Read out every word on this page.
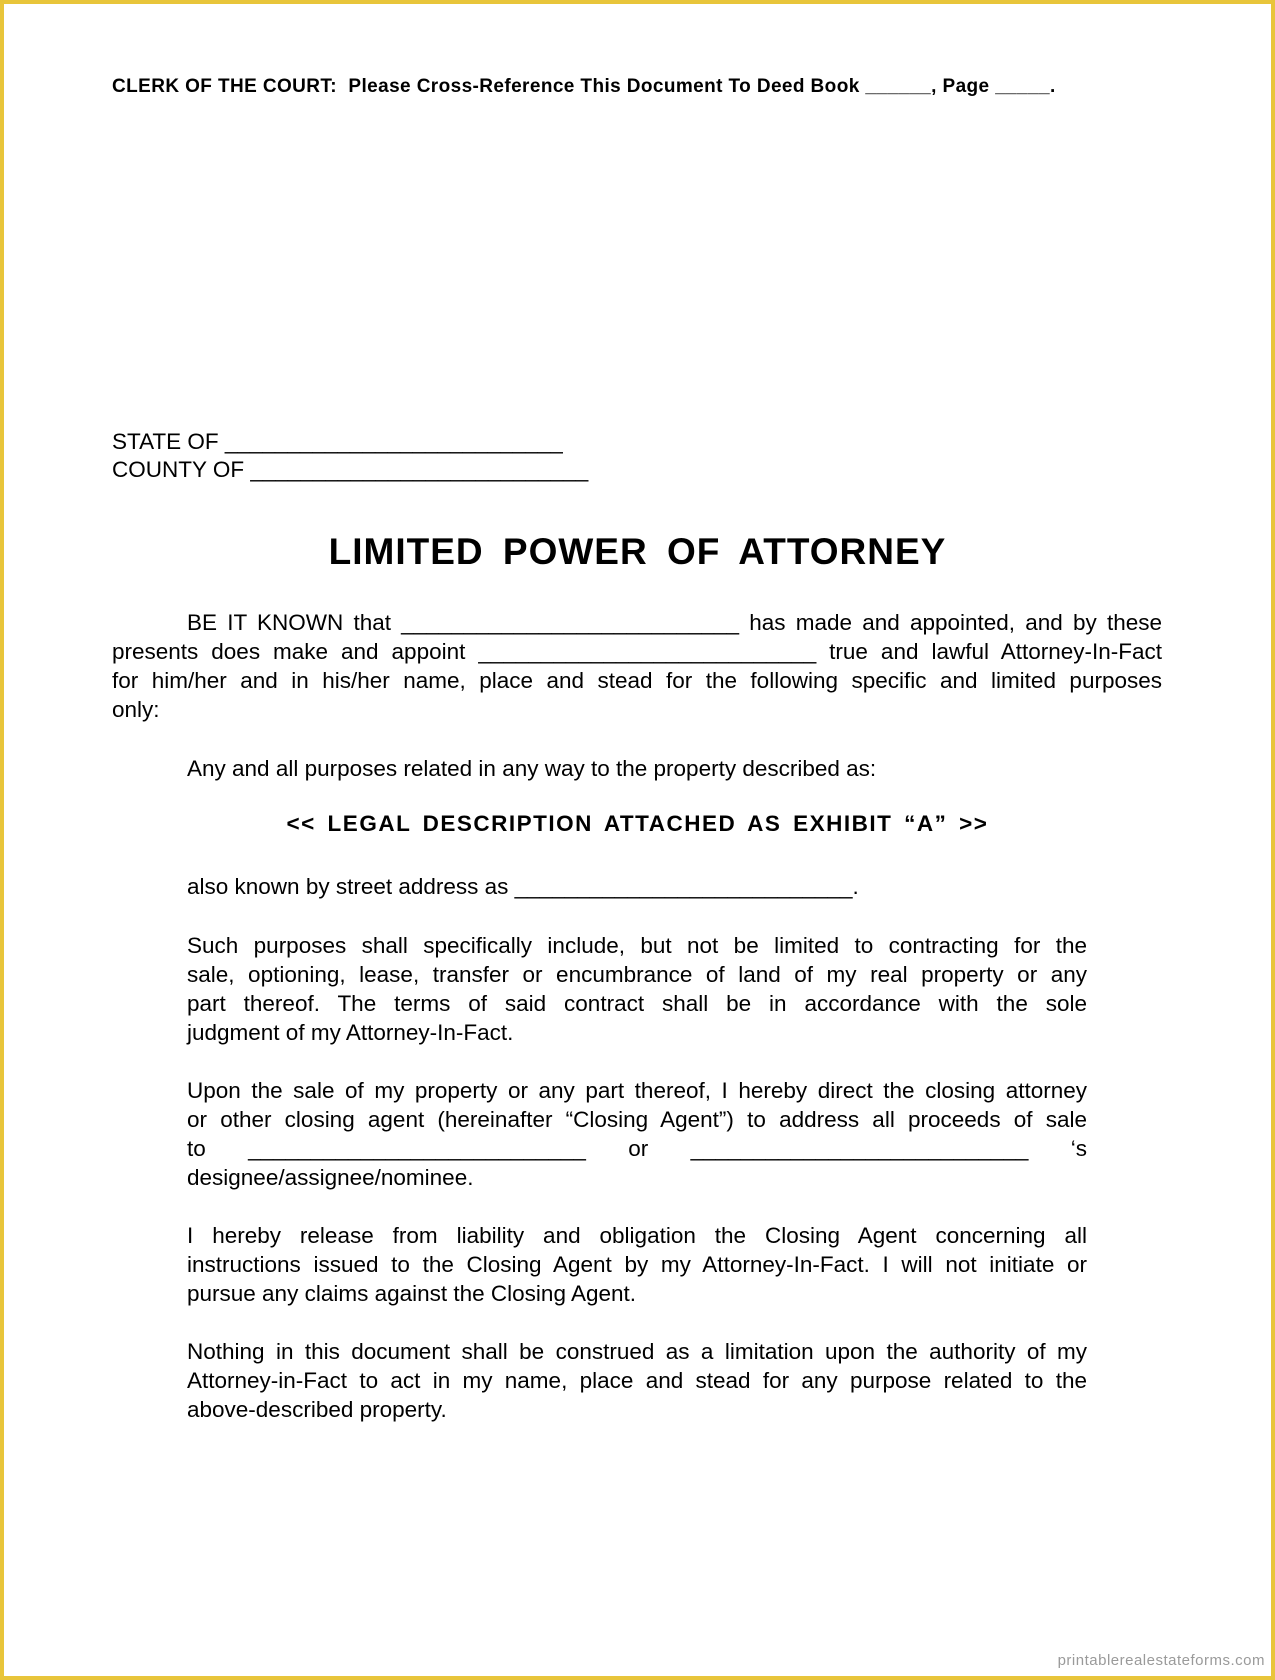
CLERK OF THE COURT:  Please Cross-Reference This Document To Deed Book ______, Page _____.
STATE OF ___________________________
COUNTY OF ___________________________
LIMITED POWER OF ATTORNEY
BE IT KNOWN that ___________________________ has made and appointed, and by these
presents does make and appoint ___________________________ true and lawful Attorney-In-Fact
for him/her and in his/her name, place and stead for the following specific and limited purposes
only:
Any and all purposes related in any way to the property described as:
<< LEGAL DESCRIPTION ATTACHED AS EXHIBIT “A” >>
also known by street address as ___________________________.
Such purposes shall specifically include, but not be limited to contracting for the
sale, optioning, lease, transfer or encumbrance of land of my real property or any
part thereof. The terms of said contract shall be in accordance with the sole
judgment of my Attorney-In-Fact.
Upon the sale of my property or any part thereof, I hereby direct the closing attorney
or other closing agent (hereinafter “Closing Agent”) to address all proceeds of sale
to ___________________________ or ___________________________ ‘s
designee/assignee/nominee.
I hereby release from liability and obligation the Closing Agent concerning all
instructions issued to the Closing Agent by my Attorney-In-Fact. I will not initiate or
pursue any claims against the Closing Agent.
Nothing in this document shall be construed as a limitation upon the authority of my
Attorney-in-Fact to act in my name, place and stead for any purpose related to the
above-described property.
printablerealestateforms.com
